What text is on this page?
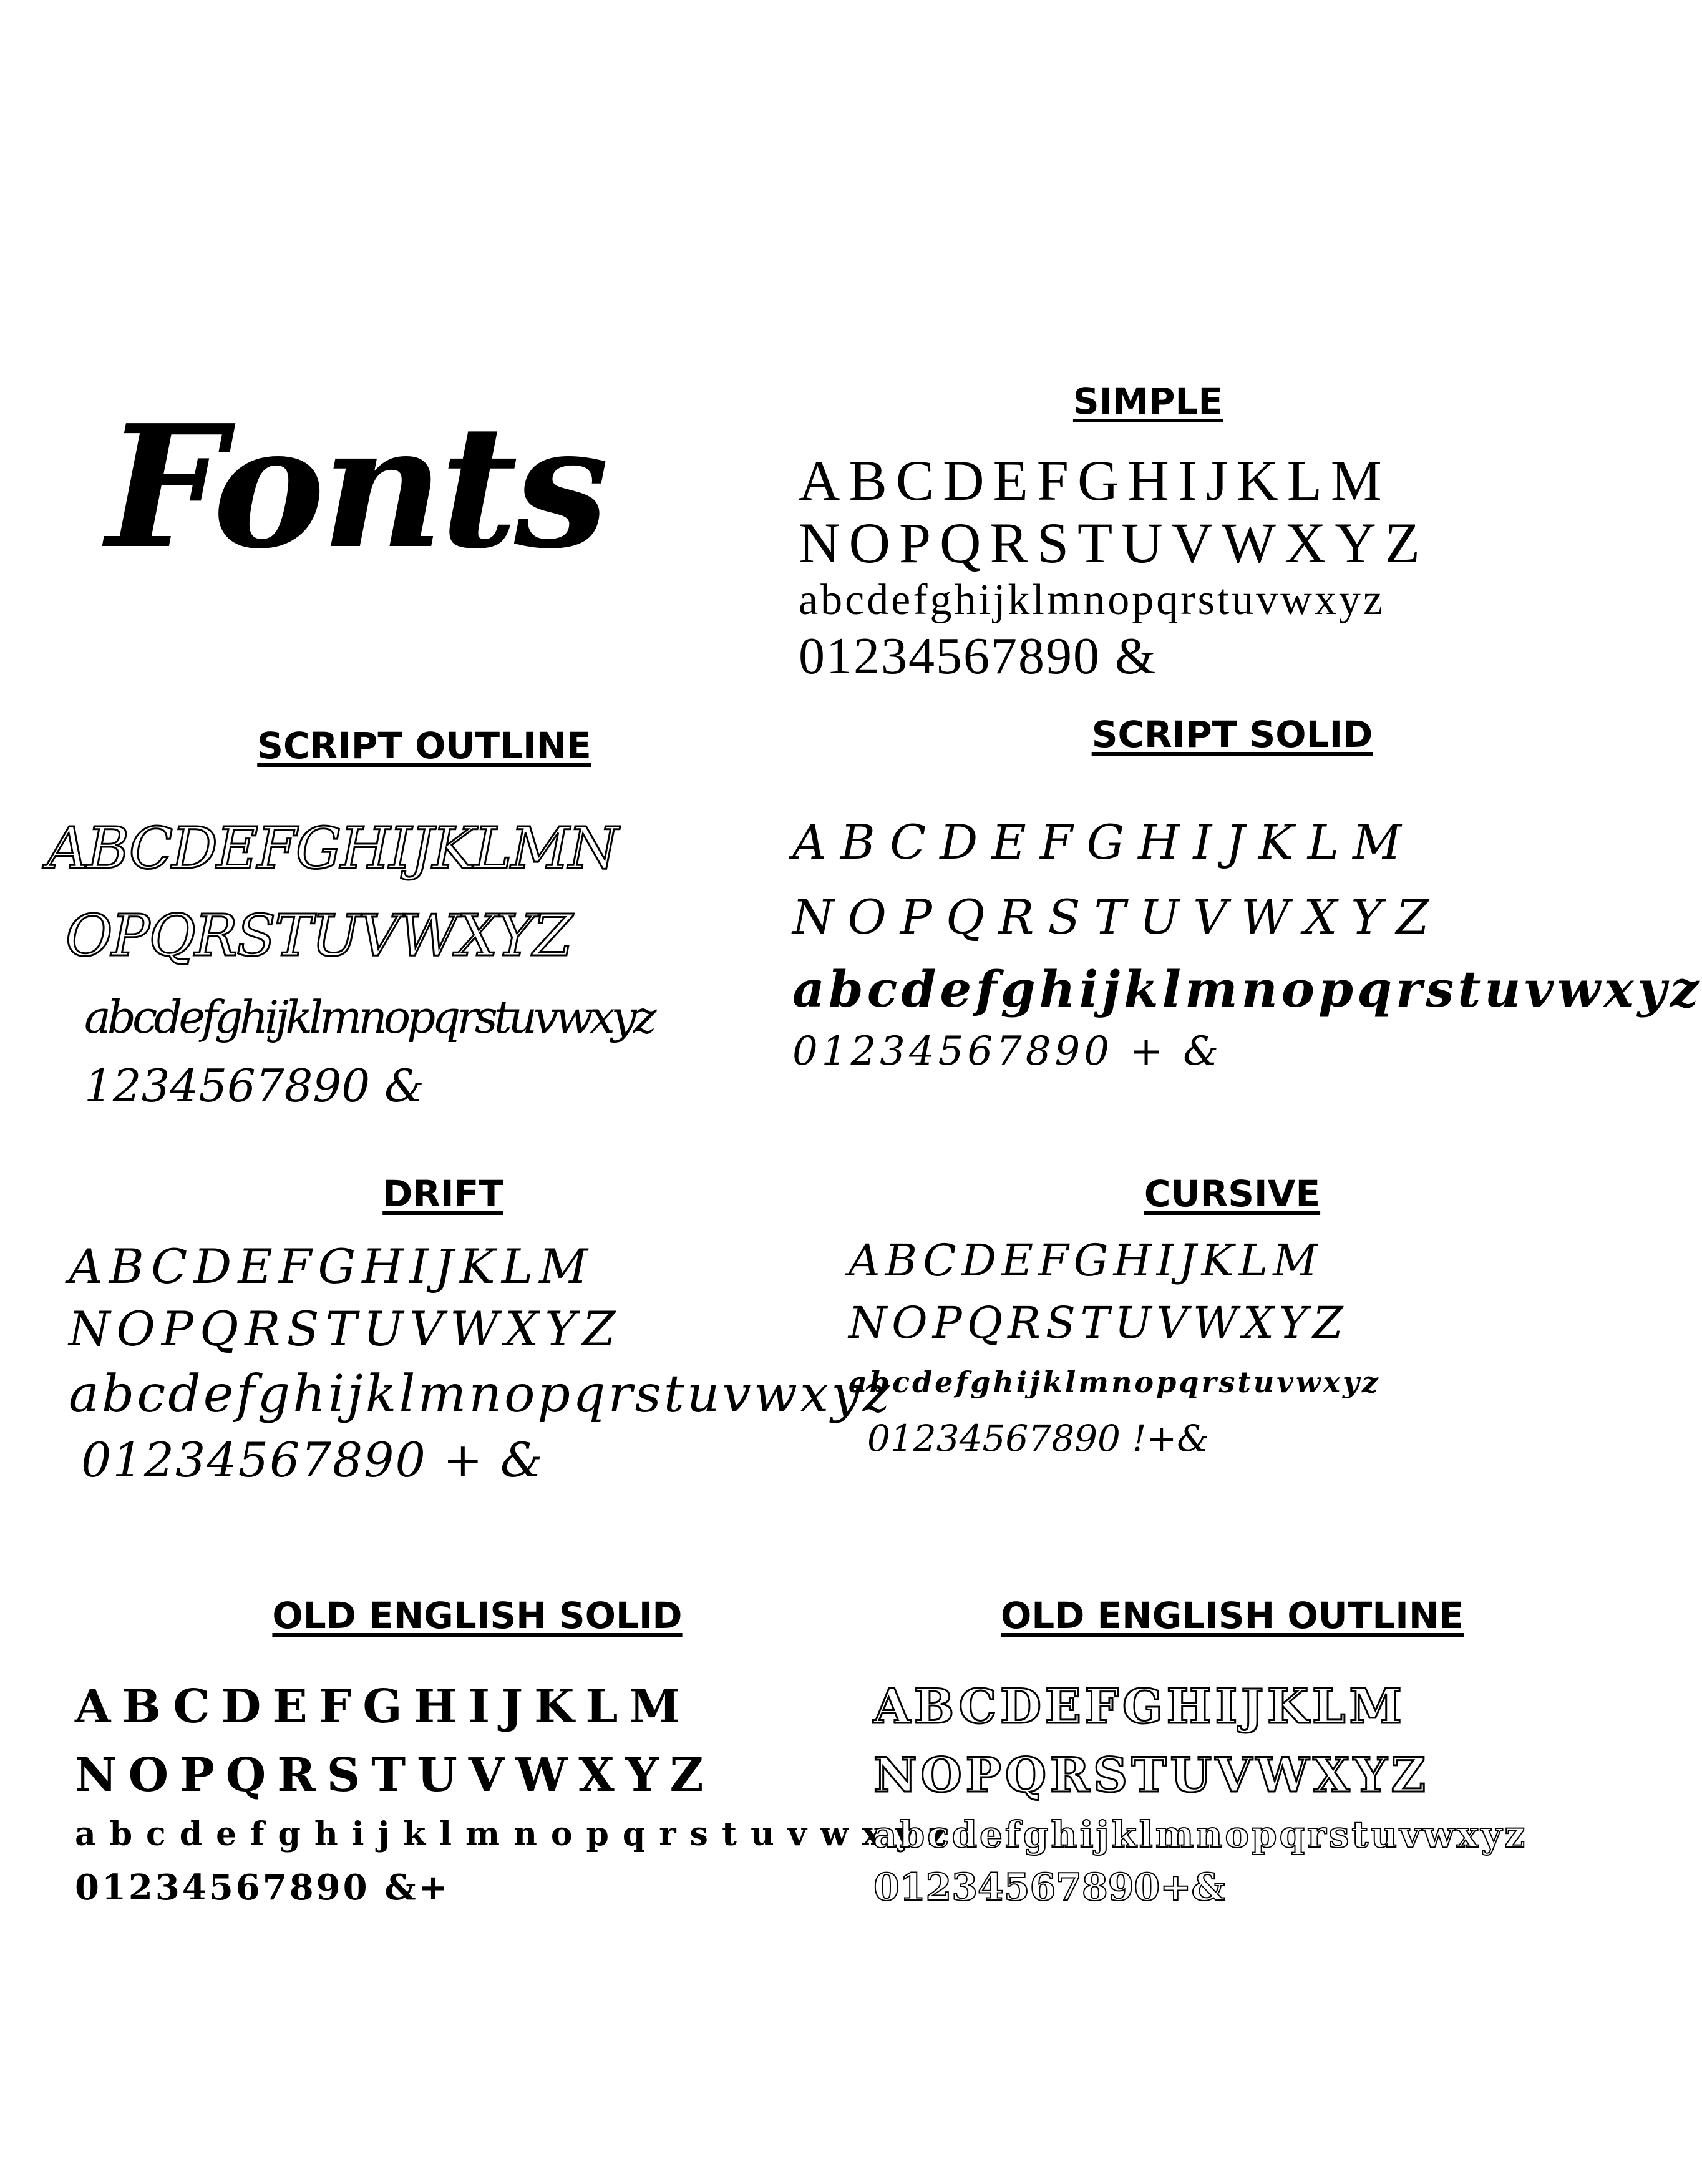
Fonts	SIMPLE
ABCDEFGHIJKLM
NOPQRSTUVWXYZ
abcdefghijklmnopqrstuvwxyz
01234567890 &
SCRIPT OUTLINE
ABCDEFGHIJKLMN
OPQRSTUVWXYZ
abcdefghijklmnopqrstuvwxyz
1234567890 &
SCRIPT SOLID
ABCDEFGHIJKLM
NOPQRSTUVWXYZ
abcdefghijklmnopqrstuvwxyz
01234567890 + &
DRIFT
ABCDEFGHIJKLM
NOPQRSTUVWXYZ
abcdefghijklmnopqrstuvwxyz
01234567890 + &
CURSIVE
ABCDEFGHIJKLM
NOPQRSTUVWXYZ
abcdefghijklmnopqrstuvwxyz
01234567890 !+&
OLD ENGLISH SOLID
ABCDEFGHIJKLM
NOPQRSTUVWXYZ
abcdefghijklmnopqrstuvwxyz
01234567890 &+
OLD ENGLISH OUTLINE
ABCDEFGHIJKLM
NOPQRSTUVWXYZ
abcdefghijklmnopqrstuvwxyz
01234567890+&
